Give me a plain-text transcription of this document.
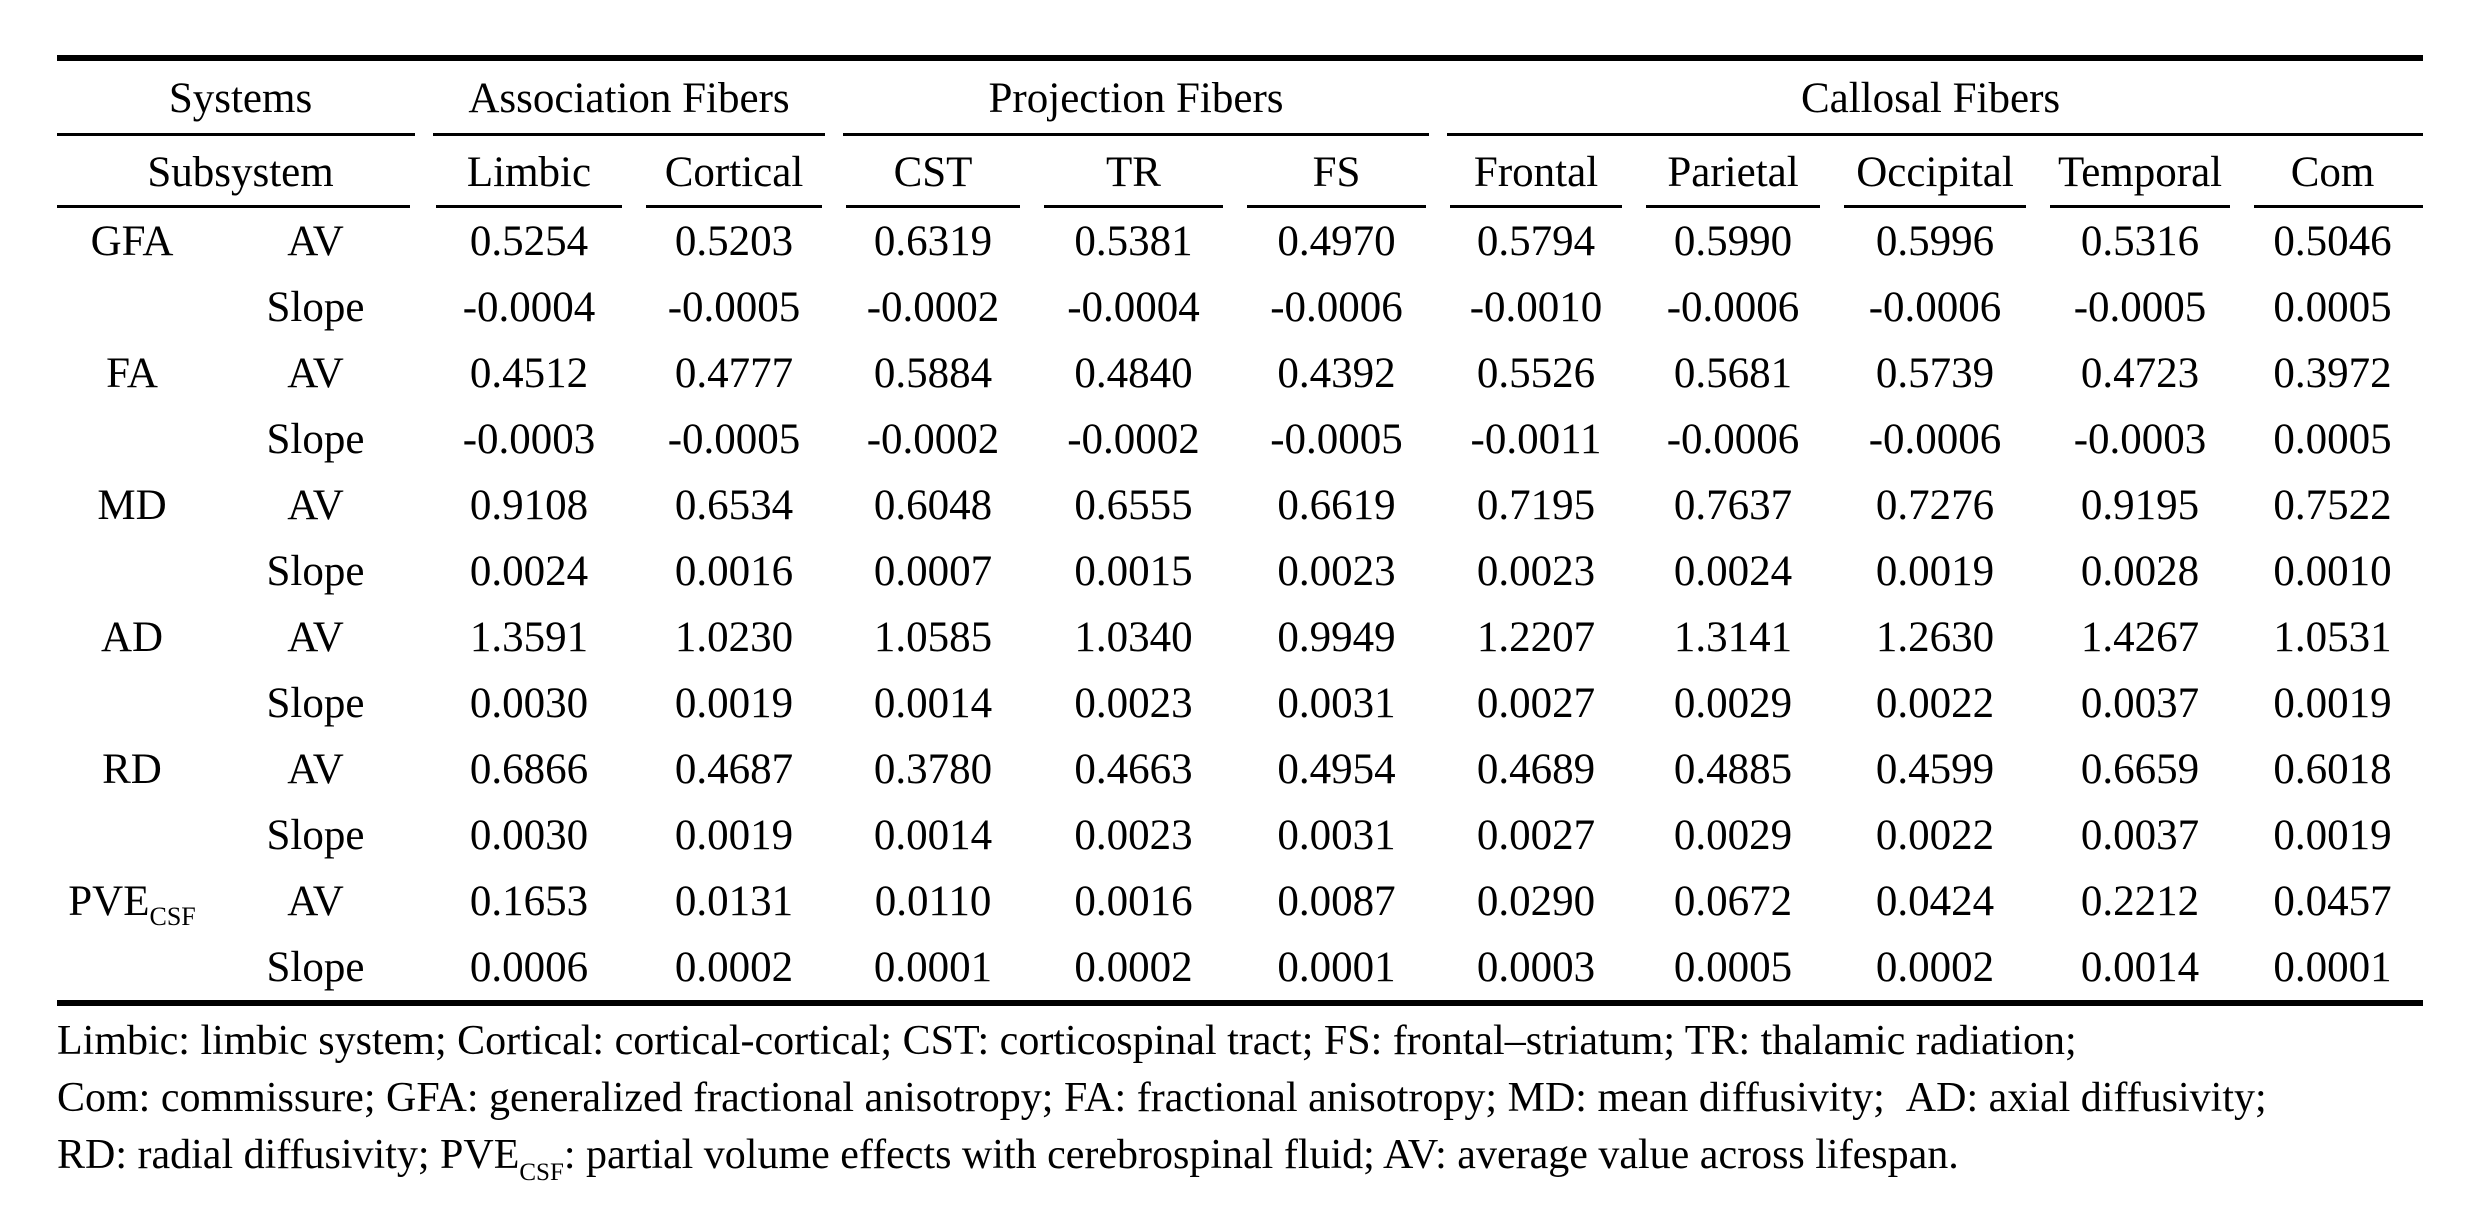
Systems		Association Fibers		Projection Fibers			Callosal Fibers				
Subsystem		Limbic	Cortical	CST	TR	FS	Frontal	Parietal	Occipital	Temporal	Com
GFA	AV	0.5254	0.5203	0.6319	0.5381	0.4970	0.5794	0.5990	0.5996	0.5316	0.5046
	Slope	-0.0004	-0.0005	-0.0002	-0.0004	-0.0006	-0.0010	-0.0006	-0.0006	-0.0005	0.0005
FA	AV	0.4512	0.4777	0.5884	0.4840	0.4392	0.5526	0.5681	0.5739	0.4723	0.3972
	Slope	-0.0003	-0.0005	-0.0002	-0.0002	-0.0005	-0.0011	-0.0006	-0.0006	-0.0003	0.0005
MD	AV	0.9108	0.6534	0.6048	0.6555	0.6619	0.7195	0.7637	0.7276	0.9195	0.7522
	Slope	0.0024	0.0016	0.0007	0.0015	0.0023	0.0023	0.0024	0.0019	0.0028	0.0010
AD	AV	1.3591	1.0230	1.0585	1.0340	0.9949	1.2207	1.3141	1.2630	1.4267	1.0531
	Slope	0.0030	0.0019	0.0014	0.0023	0.0031	0.0027	0.0029	0.0022	0.0037	0.0019
RD	AV	0.6866	0.4687	0.3780	0.4663	0.4954	0.4689	0.4885	0.4599	0.6659	0.6018
	Slope	0.0030	0.0019	0.0014	0.0023	0.0031	0.0027	0.0029	0.0022	0.0037	0.0019
$PVE_{CSF}$	AV	0.1653	0.0131	0.0110	0.0016	0.0087	0.0290	0.0672	0.0424	0.2212	0.0457
	Slope	0.0006	0.0002	0.0001	0.0002	0.0001	0.0003	0.0005	0.0002	0.0014	0.0001

Limbic: limbic system; Cortical: cortical-cortical; CST: corticospinal tract; FS: frontal–striatum; TR: thalamic radiation;

Com: commissure; GFA: generalized fractional anisotropy; FA: fractional anisotropy; MD: mean diffusivity;  AD: axial diffusivity;

RD: radial diffusivity; $PVE_{CSF}$: partial volume effects with cerebrospinal fluid; AV: average value across lifespan.
